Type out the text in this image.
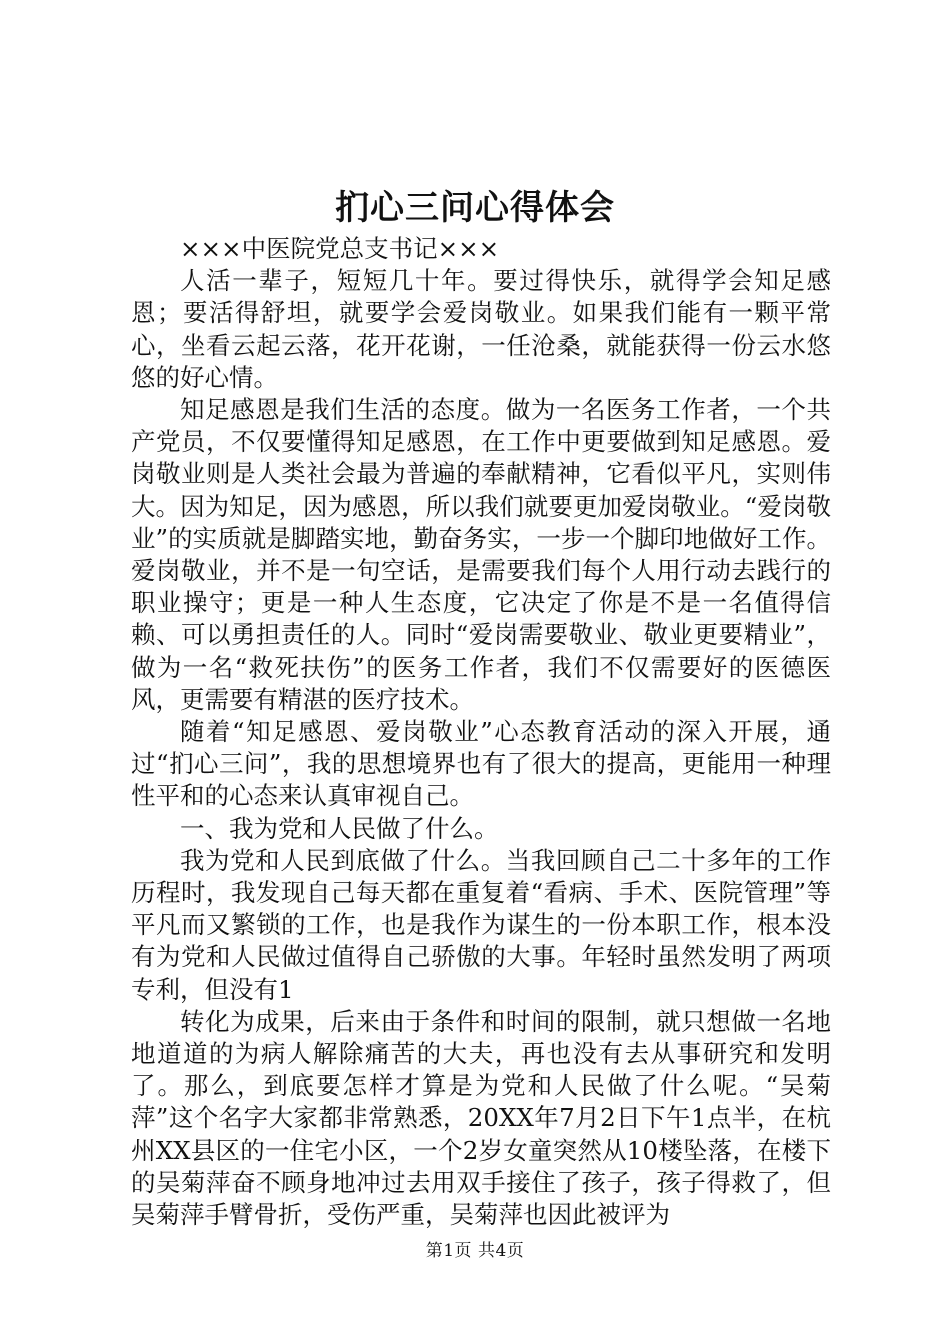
扪心三问心得体会

×××中医院党总支书记×××

人活一辈子，短短几十年。要过得快乐，就得学会知足感恩；要活得舒坦，就要学会爱岗敬业。如果我们能有一颗平常心，坐看云起云落，花开花谢，一任沧桑，就能获得一份云水悠悠的好心情。

知足感恩是我们生活的态度。做为一名医务工作者，一个共产党员，不仅要懂得知足感恩，在工作中更要做到知足感恩。爱岗敬业则是人类社会最为普遍的奉献精神，它看似平凡，实则伟大。因为知足，因为感恩，所以我们就要更加爱岗敬业。“爱岗敬业”的实质就是脚踏实地，勤奋务实，一步一个脚印地做好工作。爱岗敬业，并不是一句空话，是需要我们每个人用行动去践行的职业操守；更是一种人生态度，它决定了你是不是一名值得信赖、可以勇担责任的人。同时“爱岗需要敬业、敬业更要精业”，做为一名“救死扶伤”的医务工作者，我们不仅需要好的医德医风，更需要有精湛的医疗技术。

随着“知足感恩、爱岗敬业”心态教育活动的深入开展，通过“扪心三问”，我的思想境界也有了很大的提高，更能用一种理性平和的心态来认真审视自己。

一、我为党和人民做了什么。

我为党和人民到底做了什么。当我回顾自己二十多年的工作历程时，我发现自己每天都在重复着“看病、手术、医院管理”等平凡而又繁锁的工作，也是我作为谋生的一份本职工作，根本没有为党和人民做过值得自己骄傲的大事。年轻时虽然发明了两项专利，但没有1

转化为成果，后来由于条件和时间的限制，就只想做一名地地道道的为病人解除痛苦的大夫，再也没有去从事研究和发明了。那么，到底要怎样才算是为党和人民做了什么呢。“吴菊萍”这个名字大家都非常熟悉，20XX年7月2日下午1点半，在杭州XX县区的一住宅小区，一个2岁女童突然从10楼坠落，在楼下的吴菊萍奋不顾身地冲过去用双手接住了孩子，孩子得救了，但吴菊萍手臂骨折，受伤严重，吴菊萍也因此被评为

第1页 共4页
